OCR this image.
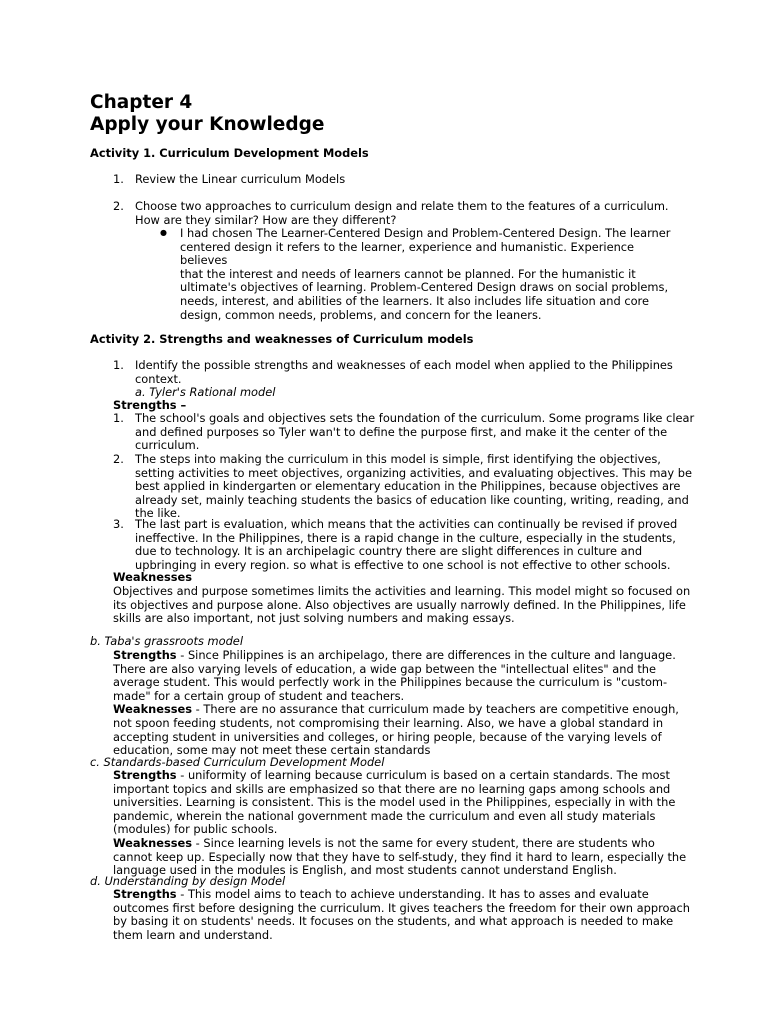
Chapter 4
Apply your Knowledge
Activity 1. Curriculum Development Models
1. Review the Linear curriculum Models
2. Choose two approaches to curriculum design and relate them to the features of a curriculum.
How are they similar? How are they different?
● I had chosen The Learner-Centered Design and Problem-Centered Design. The learner
centered design it refers to the learner, experience and humanistic. Experience believes
that the interest and needs of learners cannot be planned. For the humanistic it
ultimate's objectives of learning. Problem-Centered Design draws on social problems,
needs, interest, and abilities of the learners. It also includes life situation and core
design, common needs, problems, and concern for the leaners.
Activity 2. Strengths and weaknesses of Curriculum models
1. Identify the possible strengths and weaknesses of each model when applied to the Philippines
context.
a. Tyler's Rational model
Strengths –
1. The school's goals and objectives sets the foundation of the curriculum. Some programs like clear
and defined purposes so Tyler wan't to define the purpose first, and make it the center of the
curriculum.
2. The steps into making the curriculum in this model is simple, first identifying the objectives,
setting activities to meet objectives, organizing activities, and evaluating objectives. This may be
best applied in kindergarten or elementary education in the Philippines, because objectives are
already set, mainly teaching students the basics of education like counting, writing, reading, and
the like.
3. The last part is evaluation, which means that the activities can continually be revised if proved
ineffective. In the Philippines, there is a rapid change in the culture, especially in the students,
due to technology. It is an archipelagic country there are slight differences in culture and
upbringing in every region. so what is effective to one school is not effective to other schools.
Weaknesses
Objectives and purpose sometimes limits the activities and learning. This model might so focused on
its objectives and purpose alone. Also objectives are usually narrowly defined. In the Philippines, life
skills are also important, not just solving numbers and making essays.
b. Taba's grassroots model
Strengths - Since Philippines is an archipelago, there are differences in the culture and language.
There are also varying levels of education, a wide gap between the "intellectual elites" and the
average student. This would perfectly work in the Philippines because the curriculum is "custom-
made" for a certain group of student and teachers.
Weaknesses - There are no assurance that curriculum made by teachers are competitive enough,
not spoon feeding students, not compromising their learning. Also, we have a global standard in
accepting student in universities and colleges, or hiring people, because of the varying levels of
education, some may not meet these certain standards
c. Standards-based Curriculum Development Model
Strengths - uniformity of learning because curriculum is based on a certain standards. The most
important topics and skills are emphasized so that there are no learning gaps among schools and
universities. Learning is consistent. This is the model used in the Philippines, especially in with the
pandemic, wherein the national government made the curriculum and even all study materials
(modules) for public schools.
Weaknesses - Since learning levels is not the same for every student, there are students who
cannot keep up. Especially now that they have to self-study, they find it hard to learn, especially the
language used in the modules is English, and most students cannot understand English.
d. Understanding by design Model
Strengths - This model aims to teach to achieve understanding. It has to asses and evaluate
outcomes first before designing the curriculum. It gives teachers the freedom for their own approach
by basing it on students' needs. It focuses on the students, and what approach is needed to make
them learn and understand.
